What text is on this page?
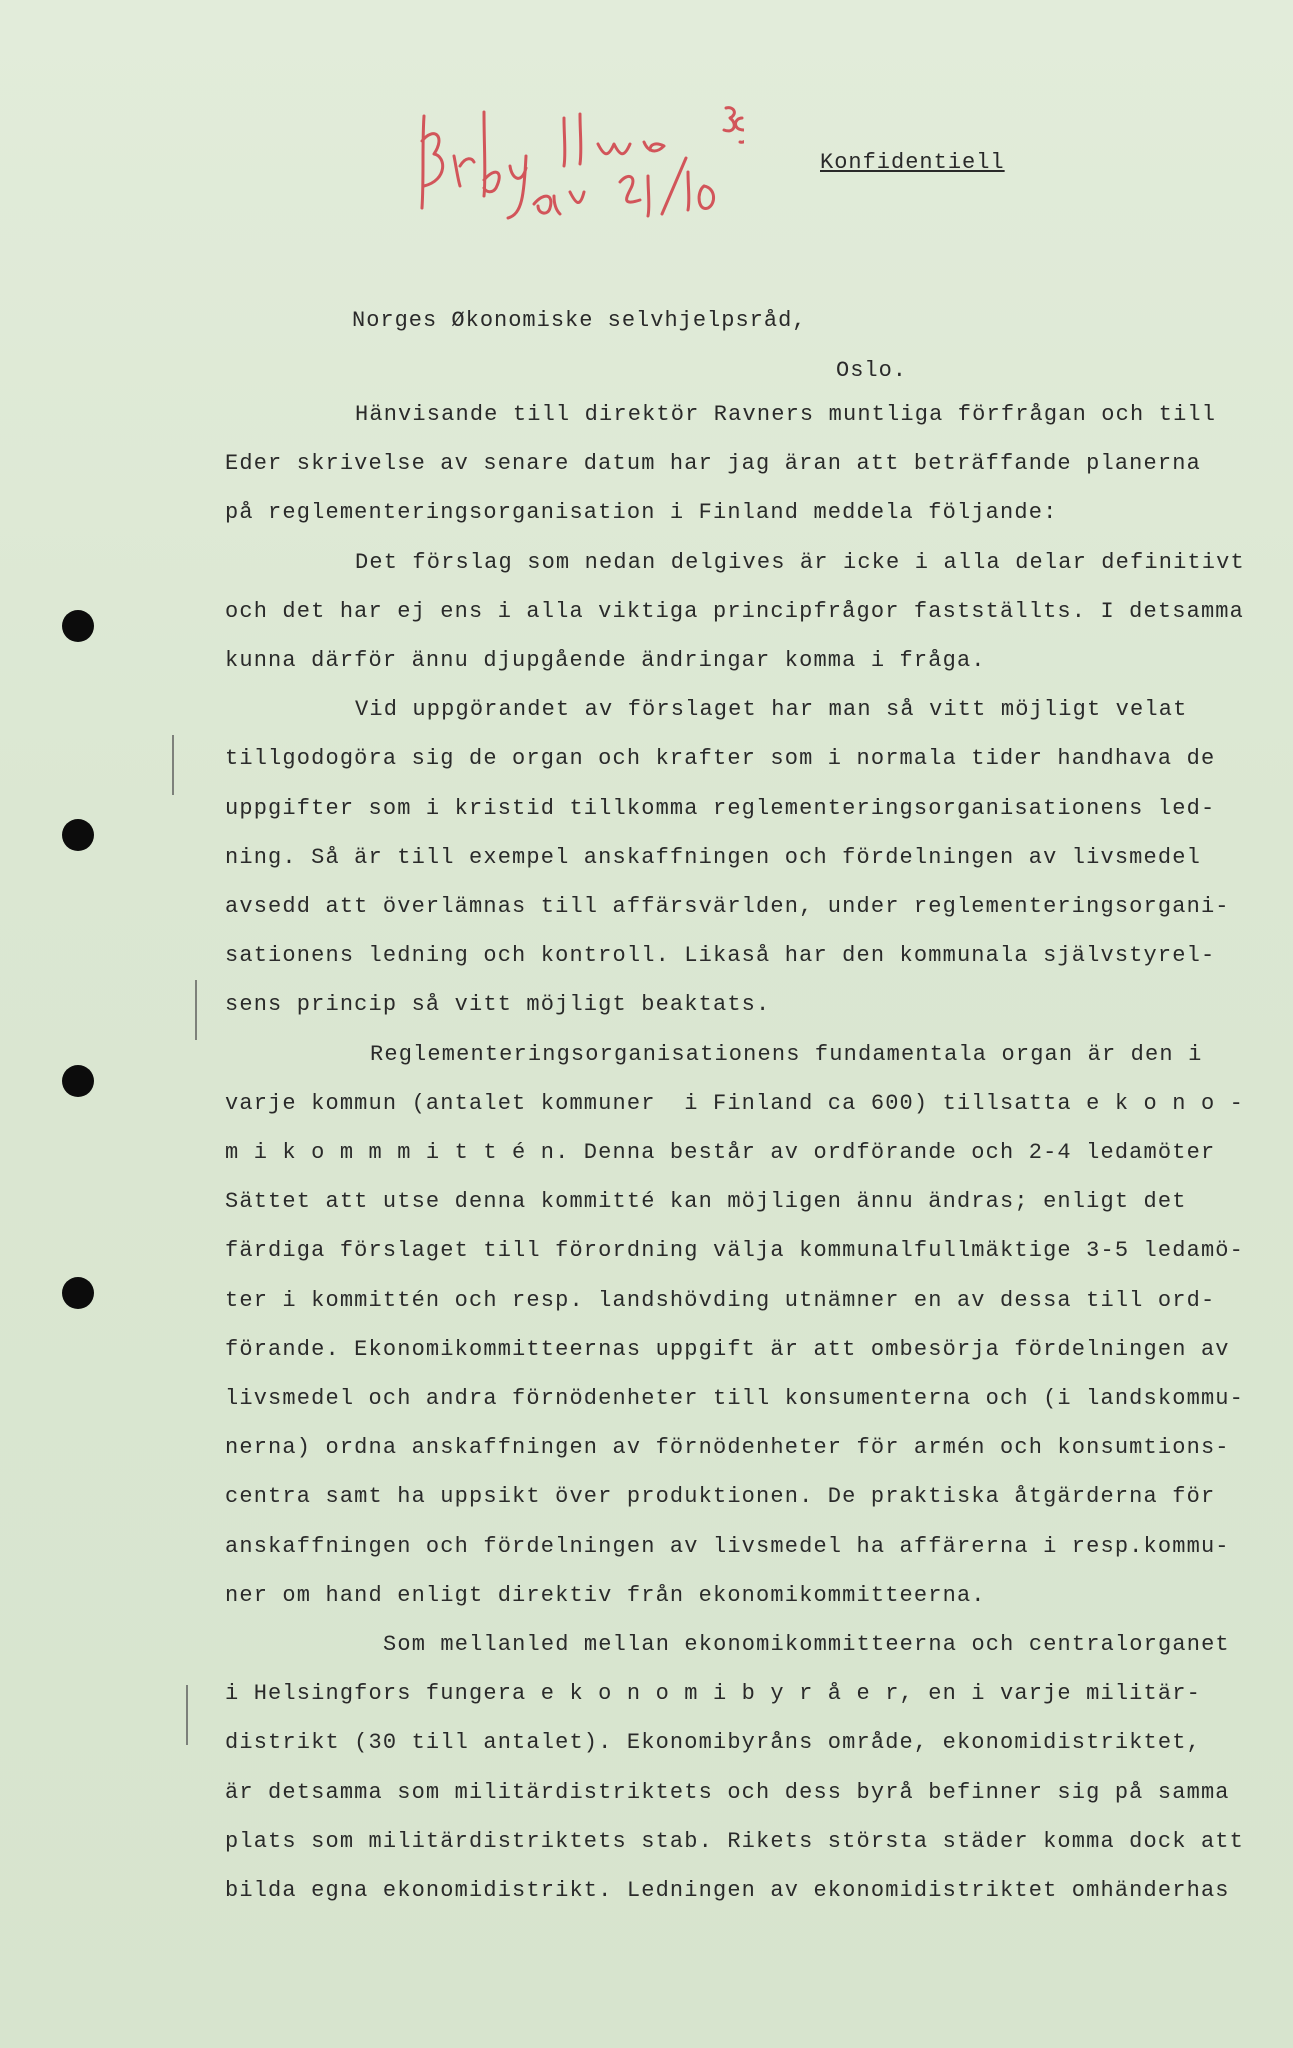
Konfidentiell
Norges Økonomiske selvhjelpsråd,
Oslo.

Hänvisande till direktör Ravners muntliga förfrågan och till

Eder skrivelse av senare datum har jag äran att beträffande planerna

på reglementeringsorganisation i Finland meddela följande:

Det förslag som nedan delgives är icke i alla delar definitivt

och det har ej ens i alla viktiga principfrågor fastställts. I detsamma

kunna därför ännu djupgående ändringar komma i fråga.

Vid uppgörandet av förslaget har man så vitt möjligt velat

tillgodogöra sig de organ och krafter som i normala tider handhava de

uppgifter som i kristid tillkomma reglementeringsorganisationens led-

ning. Så är till exempel anskaffningen och fördelningen av livsmedel

avsedd att överlämnas till affärsvärlden, under reglementeringsorgani-

sationens ledning och kontroll. Likaså har den kommunala självstyrel-

sens princip så vitt möjligt beaktats.

Reglementeringsorganisationens fundamentala organ är den i

varje kommun (antalet kommuner  i Finland ca 600) tillsatta e k o n o -

m i k o m m m i t t é n. Denna består av ordförande och 2-4 ledamöter

Sättet att utse denna kommitté kan möjligen ännu ändras; enligt det

färdiga förslaget till förordning välja kommunalfullmäktige 3-5 ledamö-

ter i kommittén och resp. landshövding utnämner en av dessa till ord-

förande. Ekonomikommitteernas uppgift är att ombesörja fördelningen av

livsmedel och andra förnödenheter till konsumenterna och (i landskommu-

nerna) ordna anskaffningen av förnödenheter för armén och konsumtions-

centra samt ha uppsikt över produktionen. De praktiska åtgärderna för

anskaffningen och fördelningen av livsmedel ha affärerna i resp.kommu-

ner om hand enligt direktiv från ekonomikommitteerna.

Som mellanled mellan ekonomikommitteerna och centralorganet

i Helsingfors fungera e k o n o m i b y r å e r, en i varje militär-

distrikt (30 till antalet). Ekonomibyråns område, ekonomidistriktet,

är detsamma som militärdistriktets och dess byrå befinner sig på samma

plats som militärdistriktets stab. Rikets största städer komma dock att

bilda egna ekonomidistrikt. Ledningen av ekonomidistriktet omhänderhas
